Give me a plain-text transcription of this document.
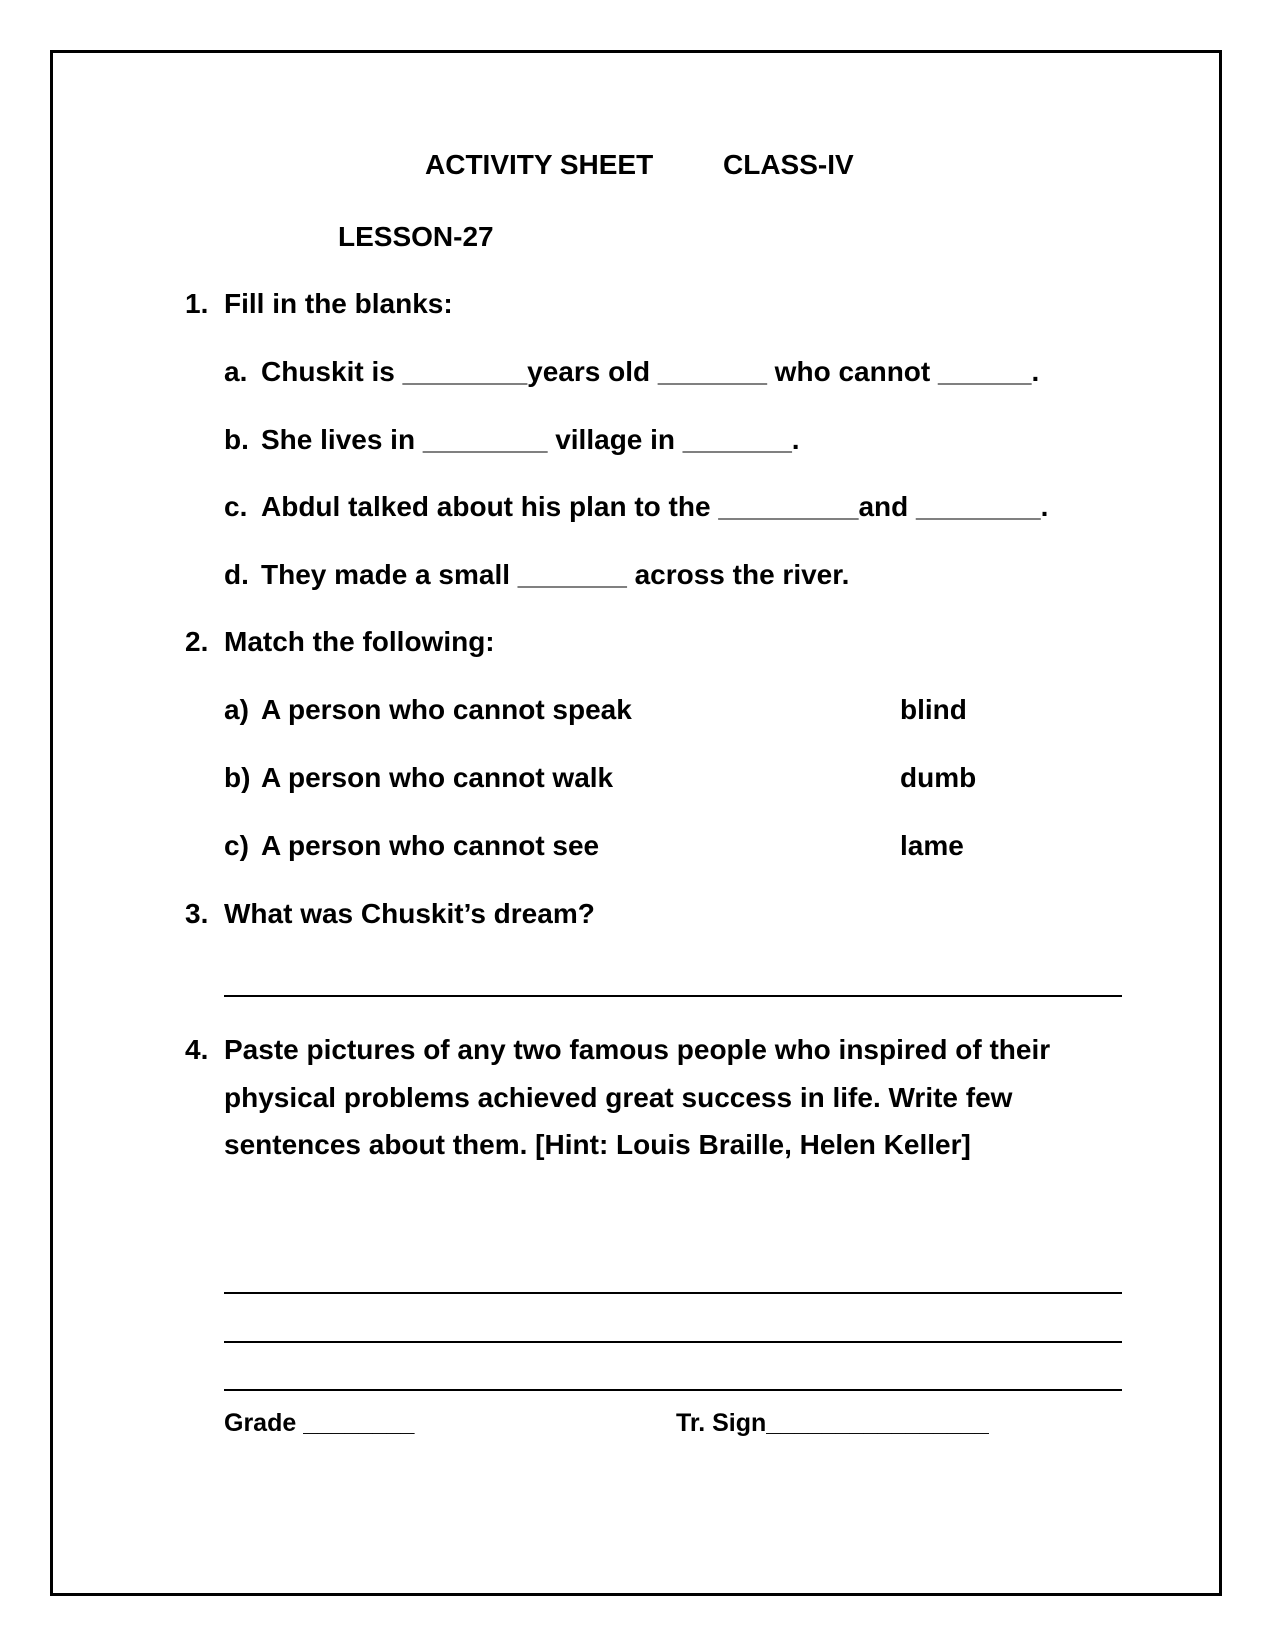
ACTIVITY SHEET CLASS-IV
LESSON-27
1. Fill in the blanks:
a. Chuskit is ________years old _______ who cannot ______.
b. She lives in ________ village in _______.
c. Abdul talked about his plan to the _________and ________.
d. They made a small _______ across the river.
2. Match the following:
a) A person who cannot speak	blind
b) A person who cannot walk	dumb
c) A person who cannot see	lame
3. What was Chuskit’s dream?
4. Paste pictures of any two famous people who inspired of their
physical problems achieved great success in life. Write few
sentences about them. [Hint: Louis Braille, Helen Keller]
Grade ________	Tr. Sign________________
